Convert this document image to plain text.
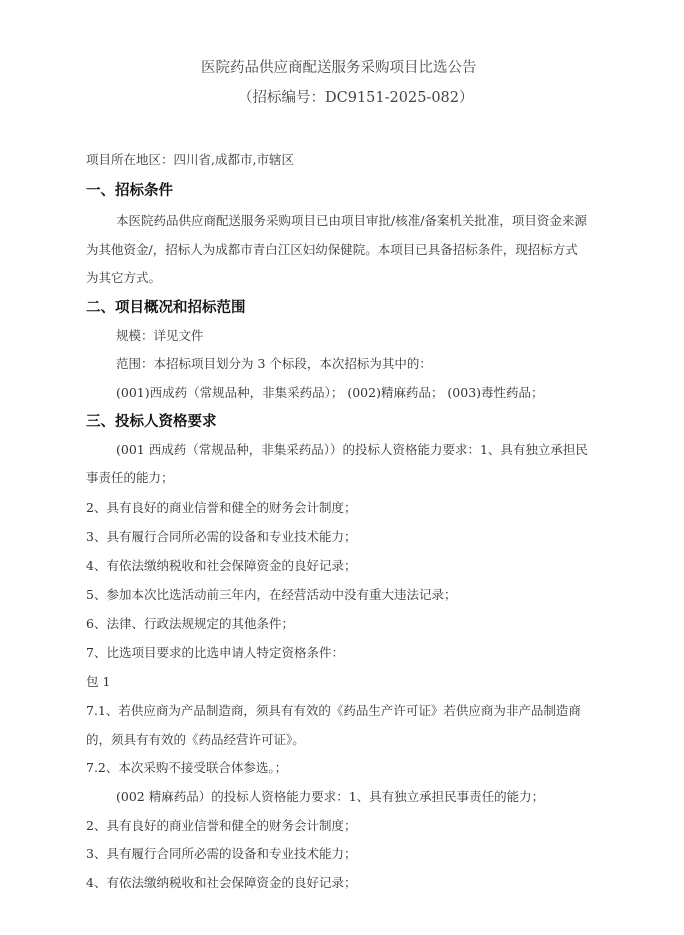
医院药品供应商配送服务采购项目比选公告
（招标编号：DC9151-2025-082）
项目所在地区：四川省,成都市,市辖区
一、招标条件
本医院药品供应商配送服务采购项目已由项目审批/核准/备案机关批准，项目资金来源
为其他资金/，招标人为成都市青白江区妇幼保健院。本项目已具备招标条件，现招标方式
为其它方式。
二、项目概况和招标范围
规模：详见文件
范围：本招标项目划分为 3 个标段，本次招标为其中的：
(001)西成药（常规品种，非集采药品）； (002)精麻药品； (003)毒性药品；
三、投标人资格要求
(001 西成药（常规品种，非集采药品））的投标人资格能力要求：1、具有独立承担民
事责任的能力；
2、具有良好的商业信誉和健全的财务会计制度；
3、具有履行合同所必需的设备和专业技术能力；
4、有依法缴纳税收和社会保障资金的良好记录；
5、参加本次比选活动前三年内，在经营活动中没有重大违法记录；
6、法律、行政法规规定的其他条件；
7、比选项目要求的比选申请人特定资格条件：
包 1
7.1、若供应商为产品制造商，须具有有效的《药品生产许可证》若供应商为非产品制造商
的，须具有有效的《药品经营许可证》。
7.2、本次采购不接受联合体参选。；
(002 精麻药品）的投标人资格能力要求：1、具有独立承担民事责任的能力；
2、具有良好的商业信誉和健全的财务会计制度；
3、具有履行合同所必需的设备和专业技术能力；
4、有依法缴纳税收和社会保障资金的良好记录；
